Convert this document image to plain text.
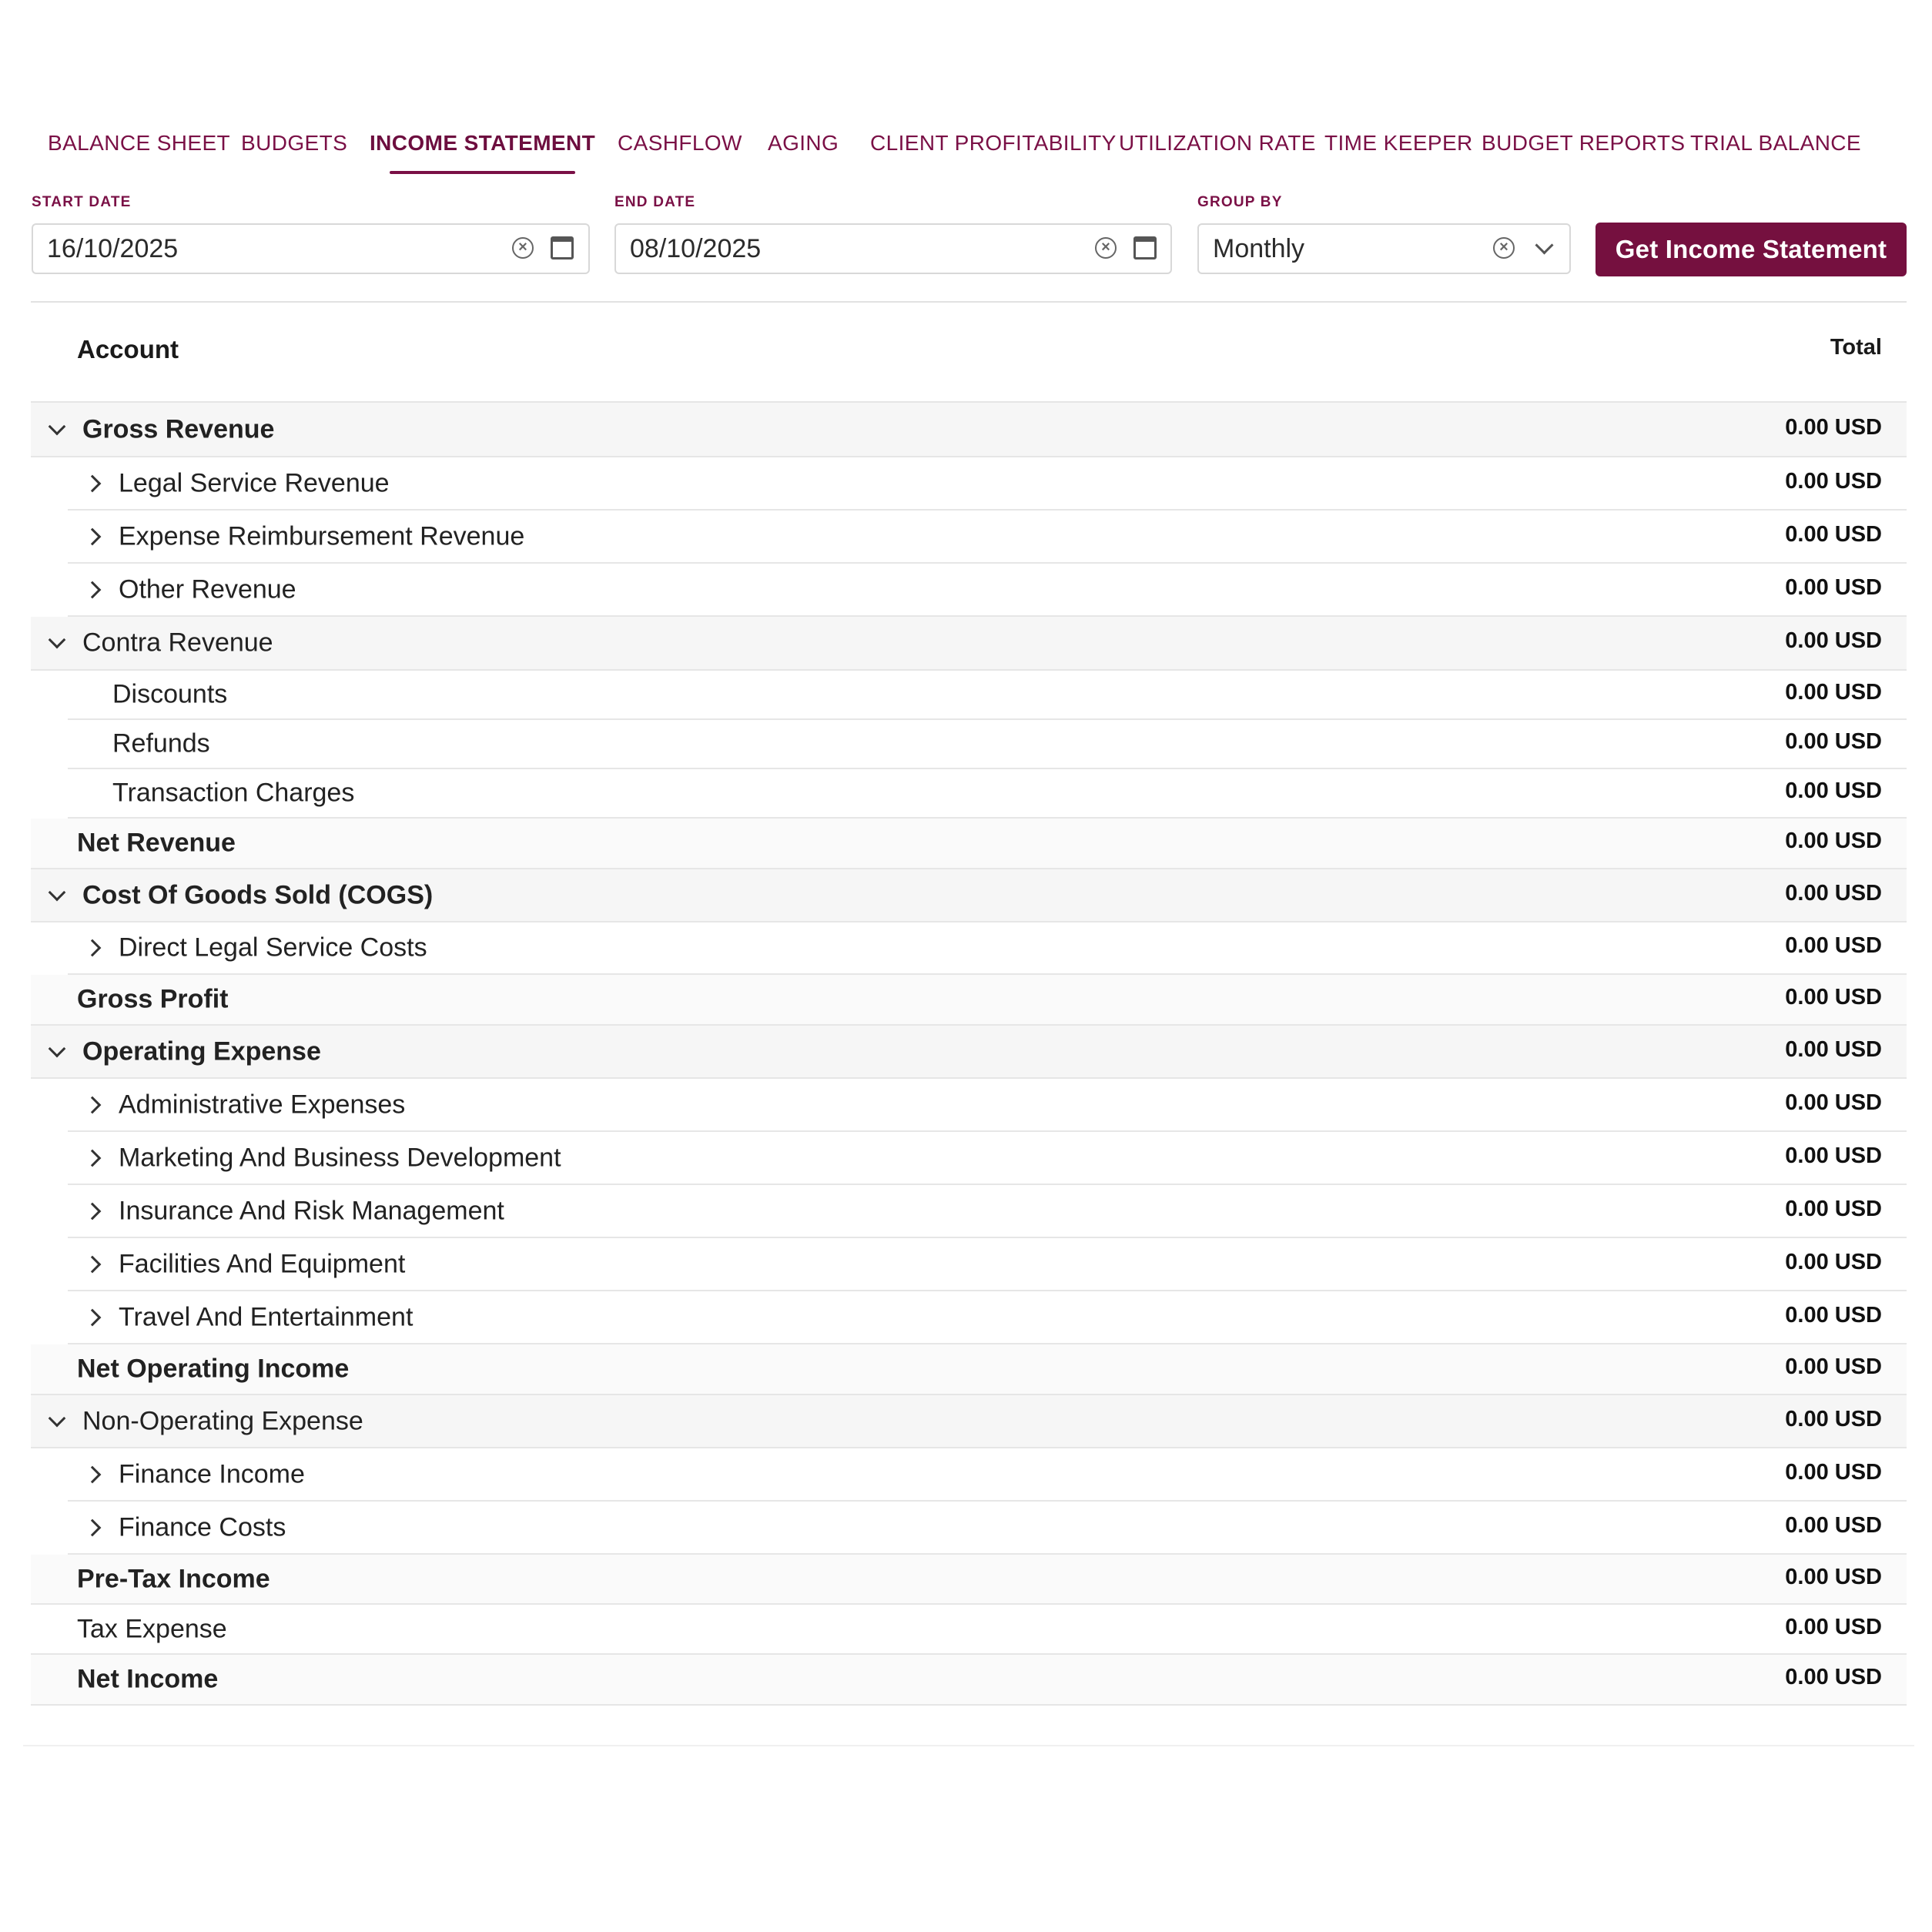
BALANCE SHEET BUDGETS INCOME STATEMENT CASHFLOW AGING CLIENT PROFITABILITY UTILIZATION RATE TIME KEEPER BUDGET REPORTS TRIAL BALANCE
START DATE
16/10/2025	×
END DATE
08/10/2025	×
GROUP BY
Monthly	×	Get Income Statement
Account	Total
Gross Revenue	0.00 USD
Legal Service Revenue	0.00 USD
Expense Reimbursement Revenue	0.00 USD
Other Revenue	0.00 USD
Contra Revenue	0.00 USD
Discounts	0.00 USD
Refunds	0.00 USD
Transaction Charges	0.00 USD
Net Revenue	0.00 USD
Cost Of Goods Sold (COGS)	0.00 USD
Direct Legal Service Costs	0.00 USD
Gross Profit	0.00 USD
Operating Expense	0.00 USD
Administrative Expenses	0.00 USD
Marketing And Business Development	0.00 USD
Insurance And Risk Management	0.00 USD
Facilities And Equipment	0.00 USD
Travel And Entertainment	0.00 USD
Net Operating Income	0.00 USD
Non-Operating Expense	0.00 USD
Finance Income	0.00 USD
Finance Costs	0.00 USD
Pre-Tax Income	0.00 USD
Tax Expense	0.00 USD
Net Income	0.00 USD
